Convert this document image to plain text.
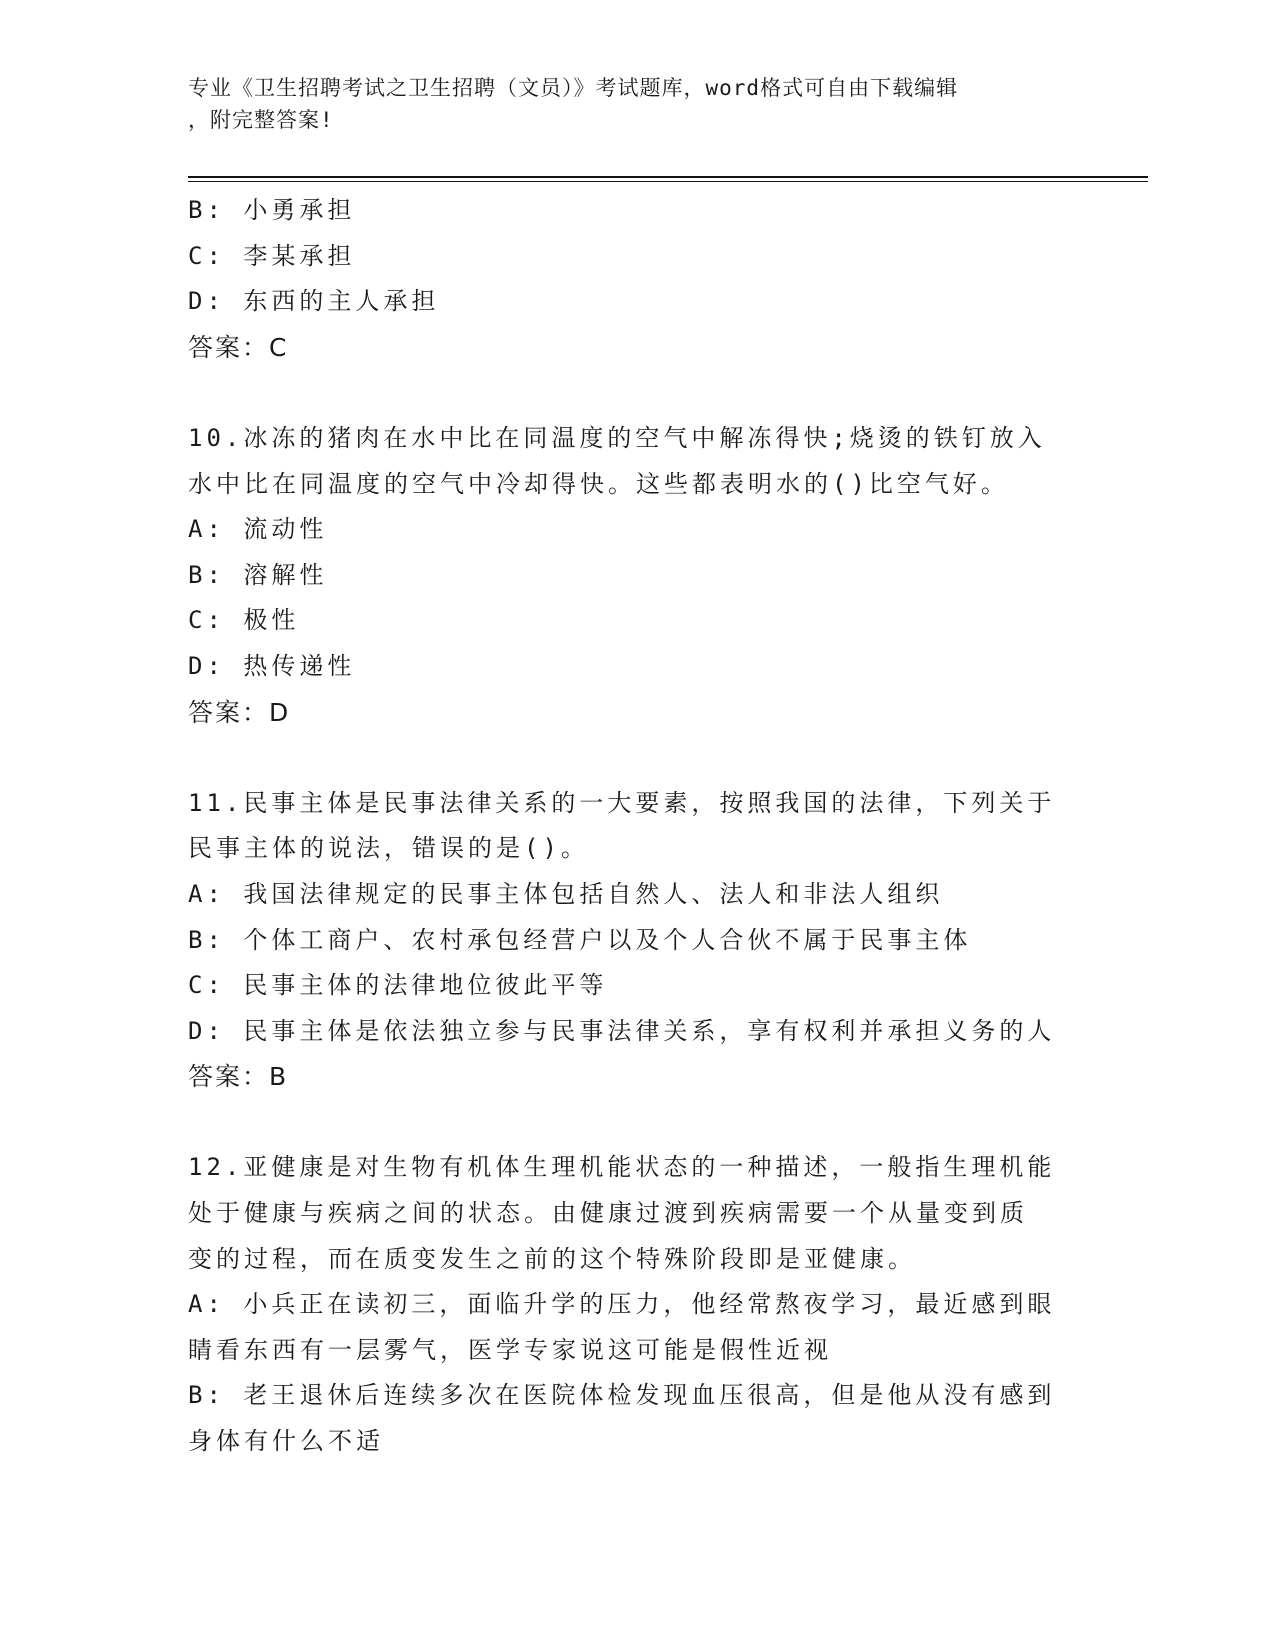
专业《卫生招聘考试之卫生招聘（文员）》考试题库，word格式可自由下载编辑
，附完整答案!
B: 小勇承担
C: 李某承担
D: 东西的主人承担
答案：C
10.冰冻的猪肉在水中比在同温度的空气中解冻得快;烧烫的铁钉放入
水中比在同温度的空气中冷却得快。这些都表明水的()比空气好。
A: 流动性
B: 溶解性
C: 极性
D: 热传递性
答案：D
11.民事主体是民事法律关系的一大要素，按照我国的法律，下列关于
民事主体的说法，错误的是()。
A: 我国法律规定的民事主体包括自然人、法人和非法人组织
B: 个体工商户、农村承包经营户以及个人合伙不属于民事主体
C: 民事主体的法律地位彼此平等
D: 民事主体是依法独立参与民事法律关系，享有权利并承担义务的人
答案：B
12.亚健康是对生物有机体生理机能状态的一种描述，一般指生理机能
处于健康与疾病之间的状态。由健康过渡到疾病需要一个从量变到质
变的过程，而在质变发生之前的这个特殊阶段即是亚健康。
A: 小兵正在读初三，面临升学的压力，他经常熬夜学习，最近感到眼
睛看东西有一层雾气，医学专家说这可能是假性近视
B: 老王退休后连续多次在医院体检发现血压很高，但是他从没有感到
身体有什么不适
